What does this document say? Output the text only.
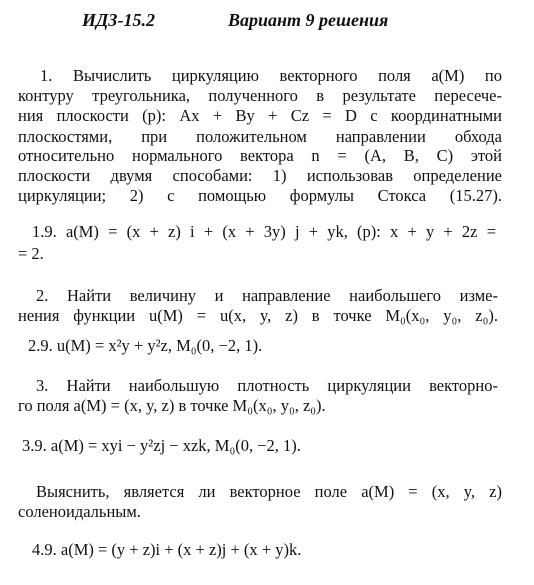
ИДЗ-15.2	Вариант 9 решения
1. Вычислить циркуляцию векторного поля a(M) по
контуру треугольника, полученного в результате пересече-
ния плоскости (p): Ax + By + Cz = D с координатными
плоскостями, при положительном направлении обхода
относительно нормального вектора n = (A, B, C) этой
плоскости двумя способами: 1) использовав определение
циркуляции; 2) с помощью формулы Стокса (15.27).
1.9. a(M) = (x + z) i + (x + 3y) j + yk, (p): x + y + 2z =
= 2.
2. Найти величину и направление наибольшего изме-
нения функции u(M) = u(x, y, z) в точке M₀(x₀, y₀, z₀).
2.9. u(M) = x²y + y²z, M₀(0, −2, 1).
3. Найти наибольшую плотность циркуляции векторно-
го поля a(M) = (x, y, z) в точке M₀(x₀, y₀, z₀).
3.9. a(M) = xyi − y²zj − xzk, M₀(0, −2, 1).
Выяснить, является ли векторное поле a(M) = (x, y, z)
соленоидальным.
4.9. a(M) = (y + z)i + (x + z)j + (x + y)k.
